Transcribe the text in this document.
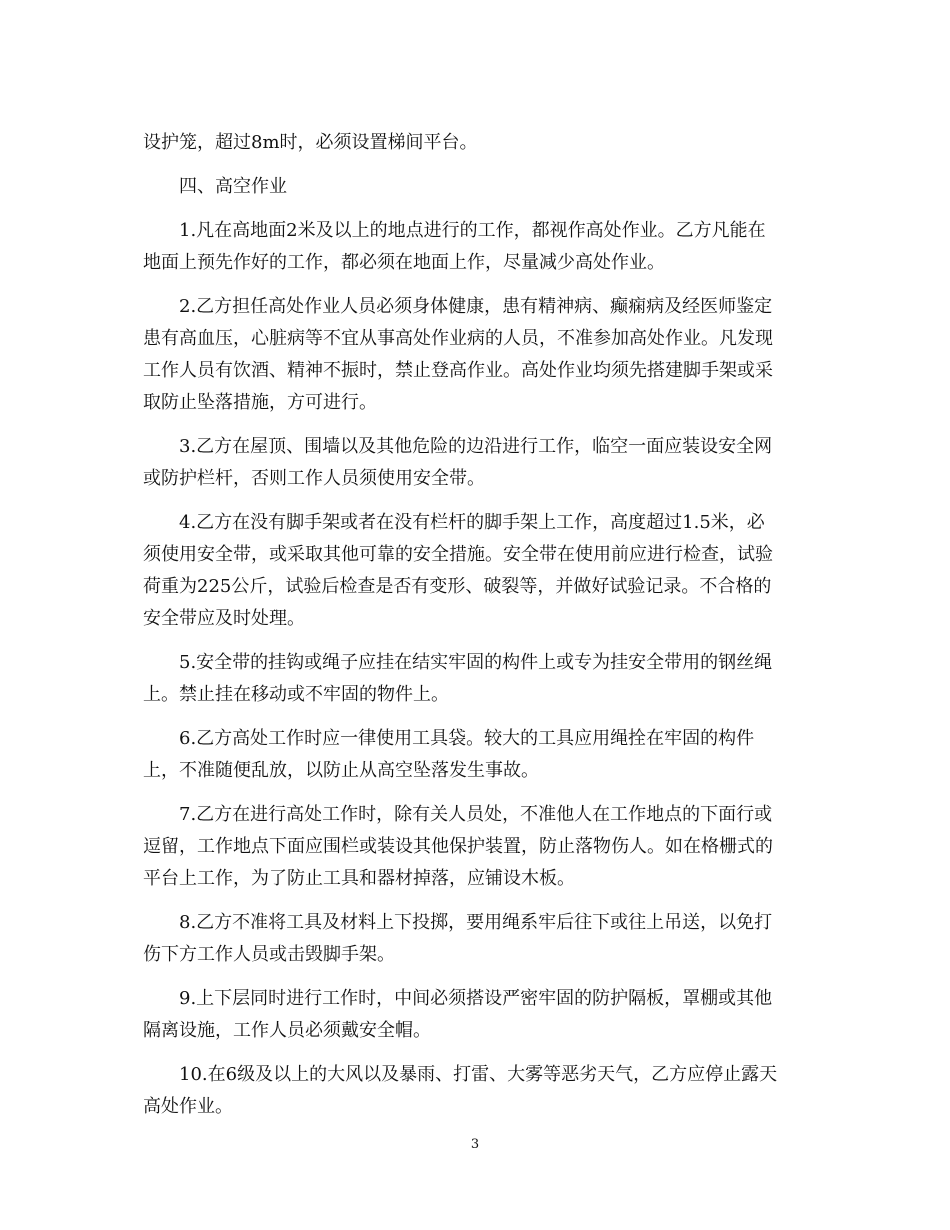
设护笼，超过8m时，必须设置梯间平台。
四、高空作业
1.凡在高地面2米及以上的地点进行的工作，都视作高处作业。乙方凡能在
地面上预先作好的工作，都必须在地面上作，尽量减少高处作业。
2.乙方担任高处作业人员必须身体健康，患有精神病、癫痫病及经医师鉴定
患有高血压，心脏病等不宜从事高处作业病的人员，不准参加高处作业。凡发现
工作人员有饮酒、精神不振时，禁止登高作业。高处作业均须先搭建脚手架或采
取防止坠落措施，方可进行。
3.乙方在屋顶、围墙以及其他危险的边沿进行工作，临空一面应装设安全网
或防护栏杆，否则工作人员须使用安全带。
4.乙方在没有脚手架或者在没有栏杆的脚手架上工作，高度超过1.5米，必
须使用安全带，或采取其他可靠的安全措施。安全带在使用前应进行检查，试验
荷重为225公斤，试验后检查是否有变形、破裂等，并做好试验记录。不合格的
安全带应及时处理。
5.安全带的挂钩或绳子应挂在结实牢固的构件上或专为挂安全带用的钢丝绳
上。禁止挂在移动或不牢固的物件上。
6.乙方高处工作时应一律使用工具袋。较大的工具应用绳拴在牢固的构件
上，不准随便乱放，以防止从高空坠落发生事故。
7.乙方在进行高处工作时，除有关人员处，不准他人在工作地点的下面行或
逗留，工作地点下面应围栏或装设其他保护装置，防止落物伤人。如在格栅式的
平台上工作，为了防止工具和器材掉落，应铺设木板。
8.乙方不准将工具及材料上下投掷，要用绳系牢后往下或往上吊送，以免打
伤下方工作人员或击毁脚手架。
9.上下层同时进行工作时，中间必须搭设严密牢固的防护隔板，罩棚或其他
隔离设施，工作人员必须戴安全帽。
10.在6级及以上的大风以及暴雨、打雷、大雾等恶劣天气，乙方应停止露天
高处作业。
3
